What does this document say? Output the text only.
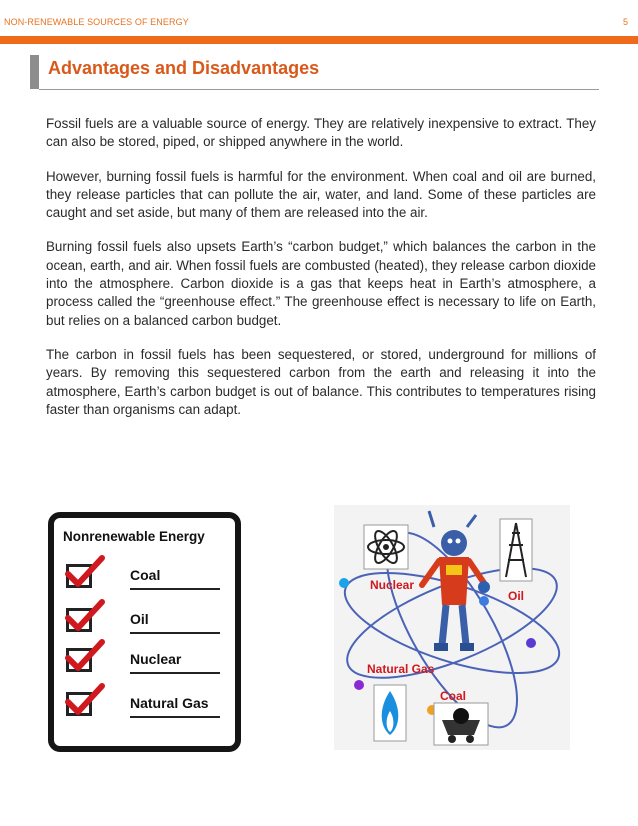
NON-RENEWABLE SOURCES OF ENERGY	5
Advantages and Disadvantages

Fossil fuels are a valuable source of energy. They are relatively inexpensive to extract. They can also be stored, piped, or shipped anywhere in the world.

However, burning fossil fuels is harmful for the environment. When coal and oil are burned, they release particles that can pollute the air, water, and land. Some of these particles are caught and set aside, but many of them are released into the air.

Burning fossil fuels also upsets Earth’s “carbon budget,” which balances the carbon in the ocean, earth, and air. When fossil fuels are combusted (heated), they release carbon dioxide into the atmosphere. Carbon dioxide is a gas that keeps heat in Earth’s atmosphere, a process called the “greenhouse effect.” The greenhouse effect is necessary to life on Earth, but relies on a balanced carbon budget.

The carbon in fossil fuels has been sequestered, or stored, underground for millions of years. By removing this sequestered carbon from the earth and releasing it into the atmosphere, Earth’s carbon budget is out of balance. This contributes to temperatures rising faster than organisms can adapt.

Nonrenewable Energy
Coal
Oil
Nuclear
Natural Gas
Nuclear
Oil
Natural Gas
Coal
